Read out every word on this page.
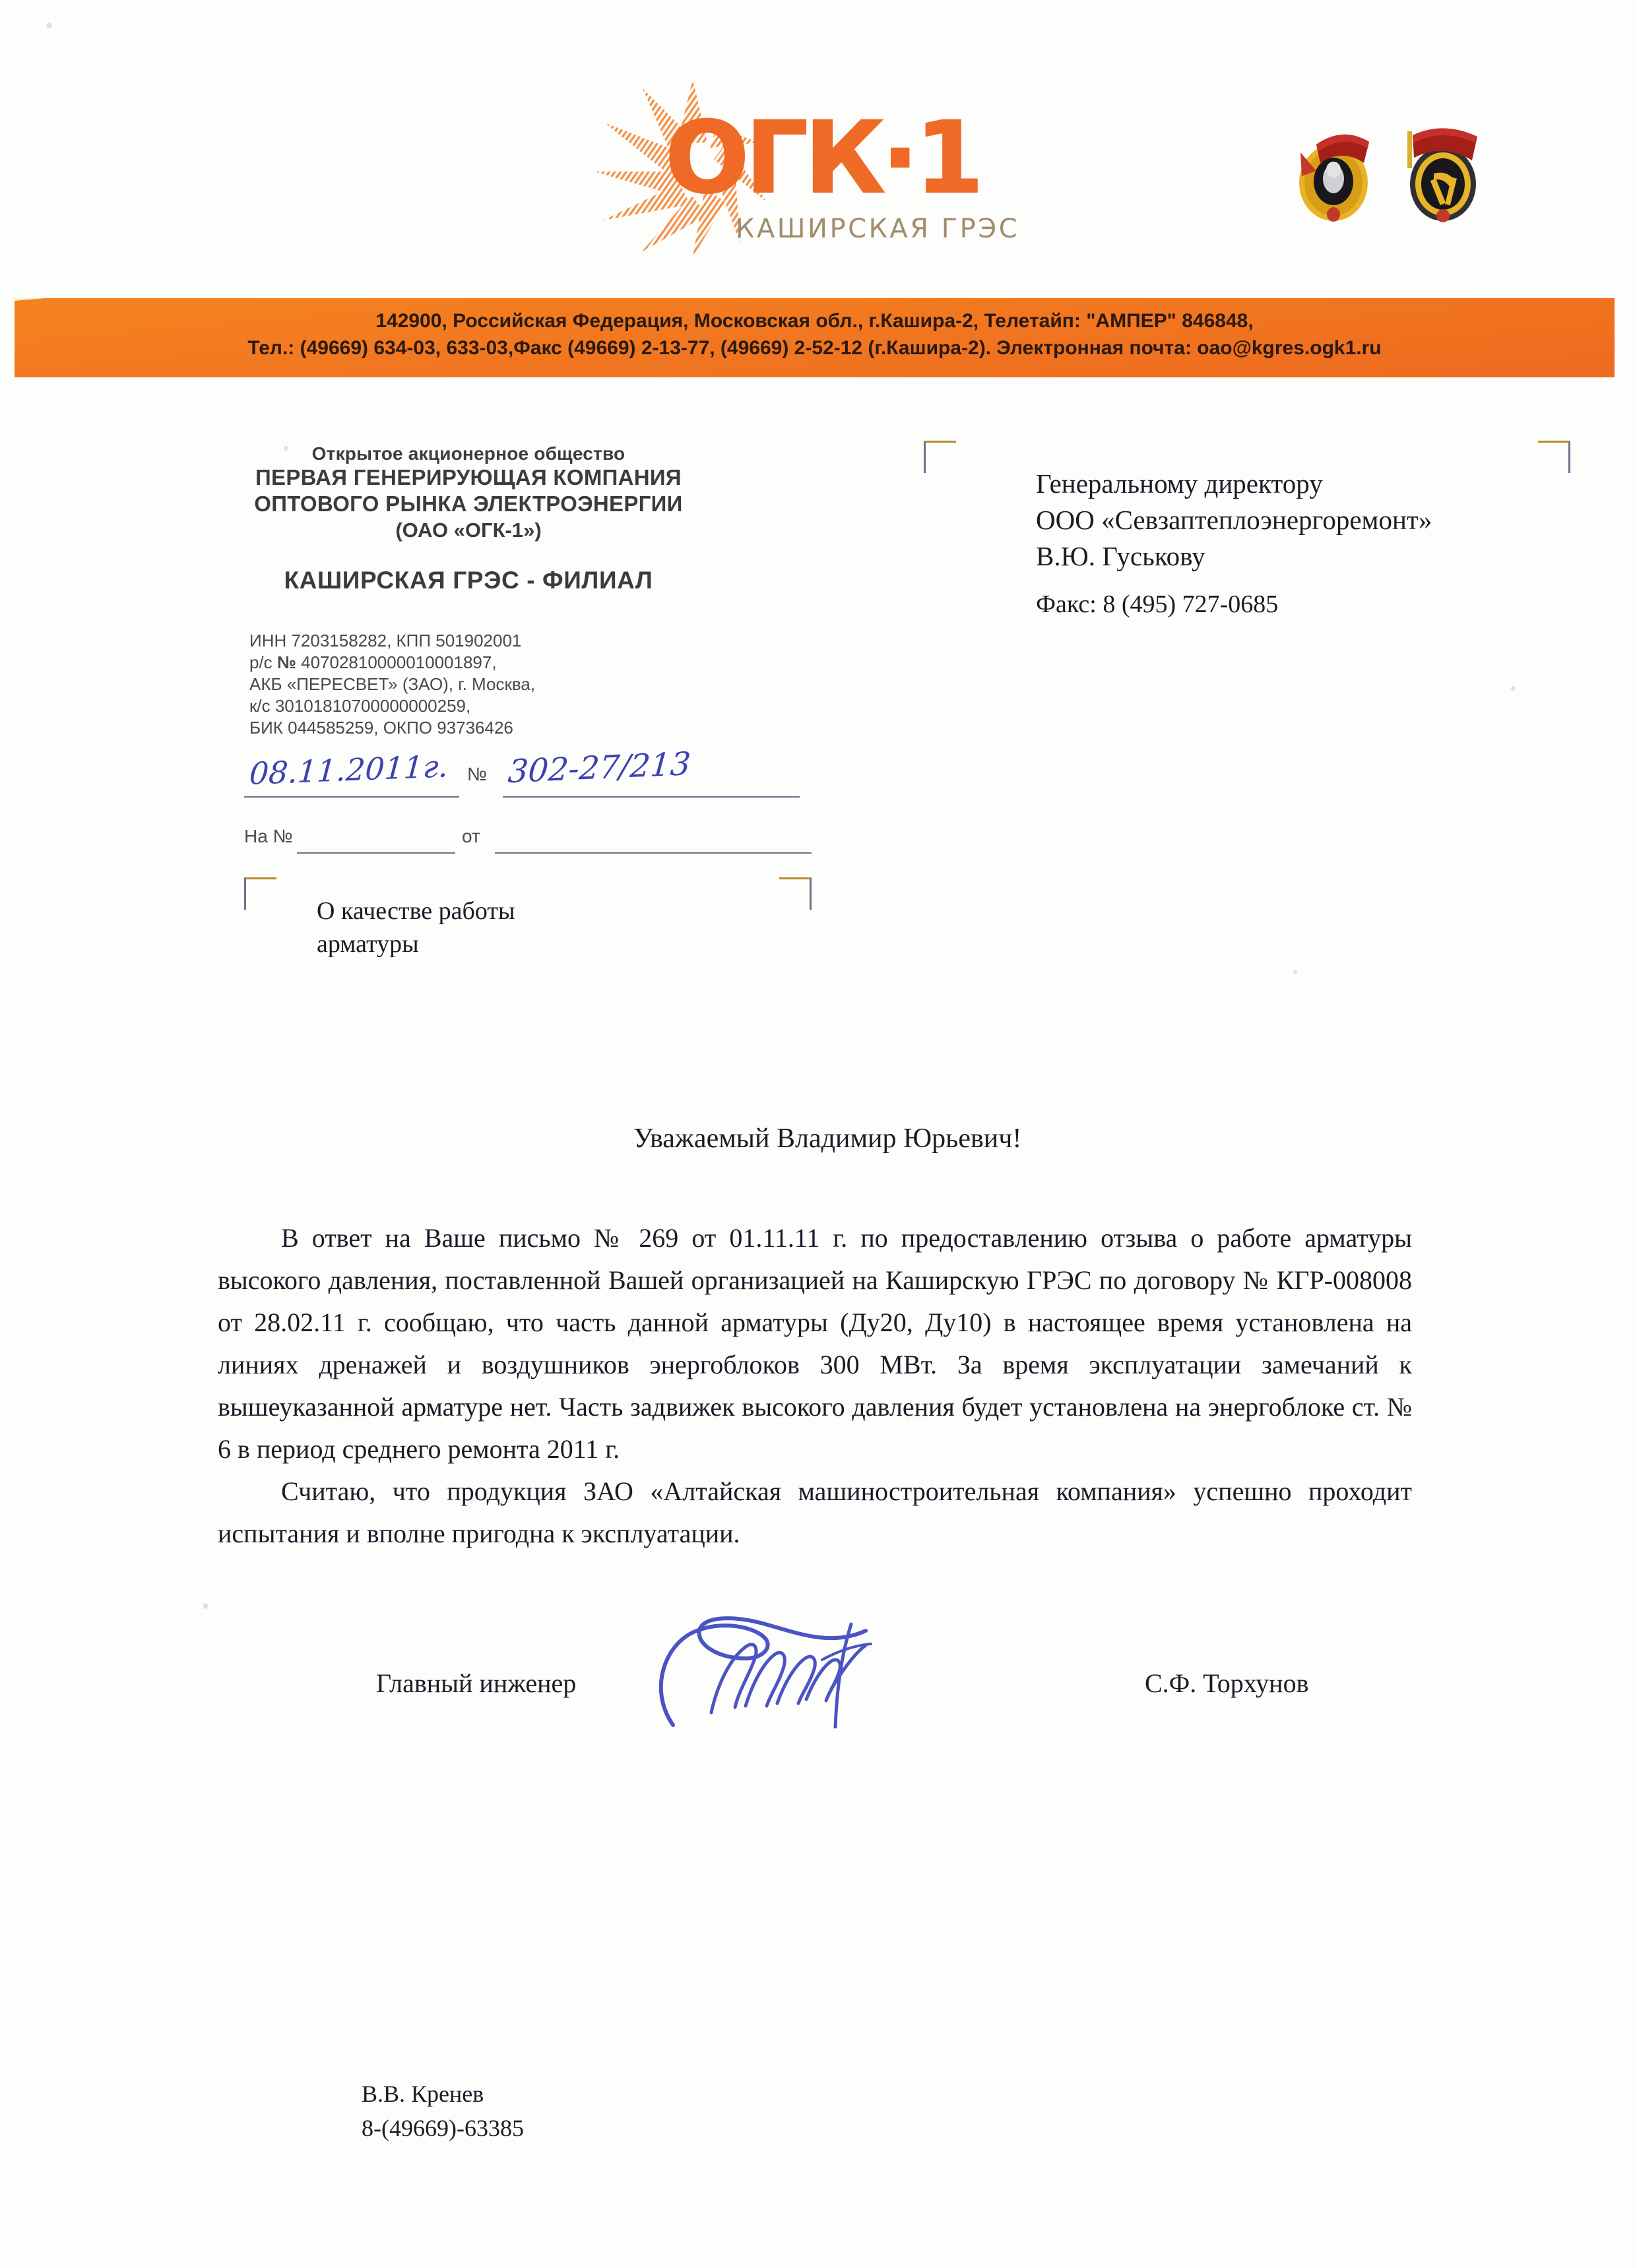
ОГК·1
КАШИРСКАЯ ГРЭС
142900, Российская Федерация, Московская обл., г.Кашира-2, Телетайп: "АМПЕР" 846848,
Тел.: (49669) 634-03, 633-03,Факс (49669) 2-13-77, (49669) 2-52-12 (г.Кашира-2). Электронная почта: oao@kgres.ogk1.ru
Открытое акционерное общество
ПЕРВАЯ ГЕНЕРИРУЮЩАЯ КОМПАНИЯ
ОПТОВОГО РЫНКА ЭЛЕКТРОЭНЕРГИИ
(ОАО «ОГК-1»)
КАШИРСКАЯ ГРЭС - ФИЛИАЛ
ИНН 7203158282, КПП 501902001
р/с № 40702810000010001897,
АКБ «ПЕРЕСВЕТ» (ЗАО), г. Москва,
к/с 30101810700000000259,
БИК 044585259, ОКПО 93736426
08.11.2011г. № 302-27/213
На №	от
О качестве работы
арматуры
Генеральному директору
ООО «Севзаптеплоэнергоремонт»
В.Ю. Гуськову
Факс: 8 (495) 727-0685
Уважаемый Владимир Юрьевич!

В ответ на Ваше письмо № 269 от 01.11.11 г. по предоставлению отзыва о работе арматуры высокого давления, поставленной Вашей организацией на Каширскую ГРЭС по договору № КГР-008008 от 28.02.11 г. сообщаю, что часть данной арматуры (Ду20, Ду10) в настоящее время установлена на линиях дренажей и воздушников энергоблоков 300 МВт. За время эксплуатации замечаний к вышеуказанной арматуре нет. Часть задвижек высокого давления будет установлена на энергоблоке ст. № 6 в период среднего ремонта 2011 г.

Считаю, что продукция ЗАО «Алтайская машиностроительная компания» успешно проходит испытания и вполне пригодна к эксплуатации.

Главный инженер	С.Ф. Торхунов
В.В. Кренев
8-(49669)-63385
